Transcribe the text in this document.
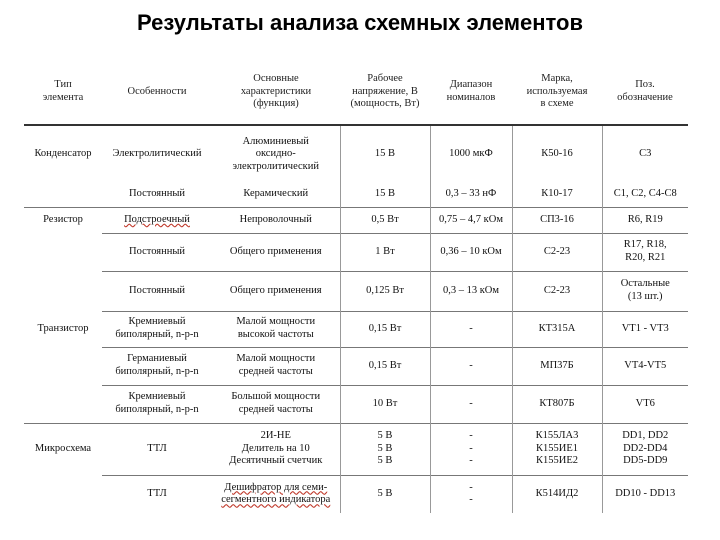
Результаты анализа схемных элементов
Тип
элемента	Особенности	Основные
характеристики
(функция)	Рабочее
напряжение, В
(мощность, Вт)	Диапазон
номиналов	Марка,
используемая
в схеме	Поз.
обозначение
Конденсатор	Электролитический	Алюминиевый
оксидно-
электролитический	15 В	1000 мкФ	К50-16	С3
	Постоянный	Керамический	15 В	0,3 – 33 нФ	К10-17	С1, С2, С4-С8
Резистор	Подстроечный	Непроволочный	0,5 Вт	0,75 – 4,7 кОм	СП3-16	R6, R19
	Постоянный	Общего применения	1 Вт	0,36 – 10 кОм	С2-23	R17, R18,
R20, R21
	Постоянный	Общего применения	0,125 Вт	0,3 – 13 кОм	С2-23	Остальные
(13 шт.)
Транзистор	Кремниевый
биполярный, n-p-n	Малой мощности
высокой частоты	0,15 Вт	-	КТ315А	VT1 - VT3
	Германиевый
биполярный, n-p-n	Малой мощности
средней частоты	0,15 Вт	-	МП37Б	VT4-VT5
	Кремниевый
биполярный, n-p-n	Большой мощности
средней частоты	10 Вт	-	КТ807Б	VT6
Микросхема	ТТЛ	2И-НЕ
Делитель на 10
Десятичный счетчик	5 В
5 В
5 В	-
-
-	К155ЛА3
К155ИЕ1
К155ИЕ2	DD1, DD2
DD2-DD4
DD5-DD9
	ТТЛ	Дешифратор для семи-
сегментного индикатора	5 В	-
-	К514ИД2	DD10 - DD13
